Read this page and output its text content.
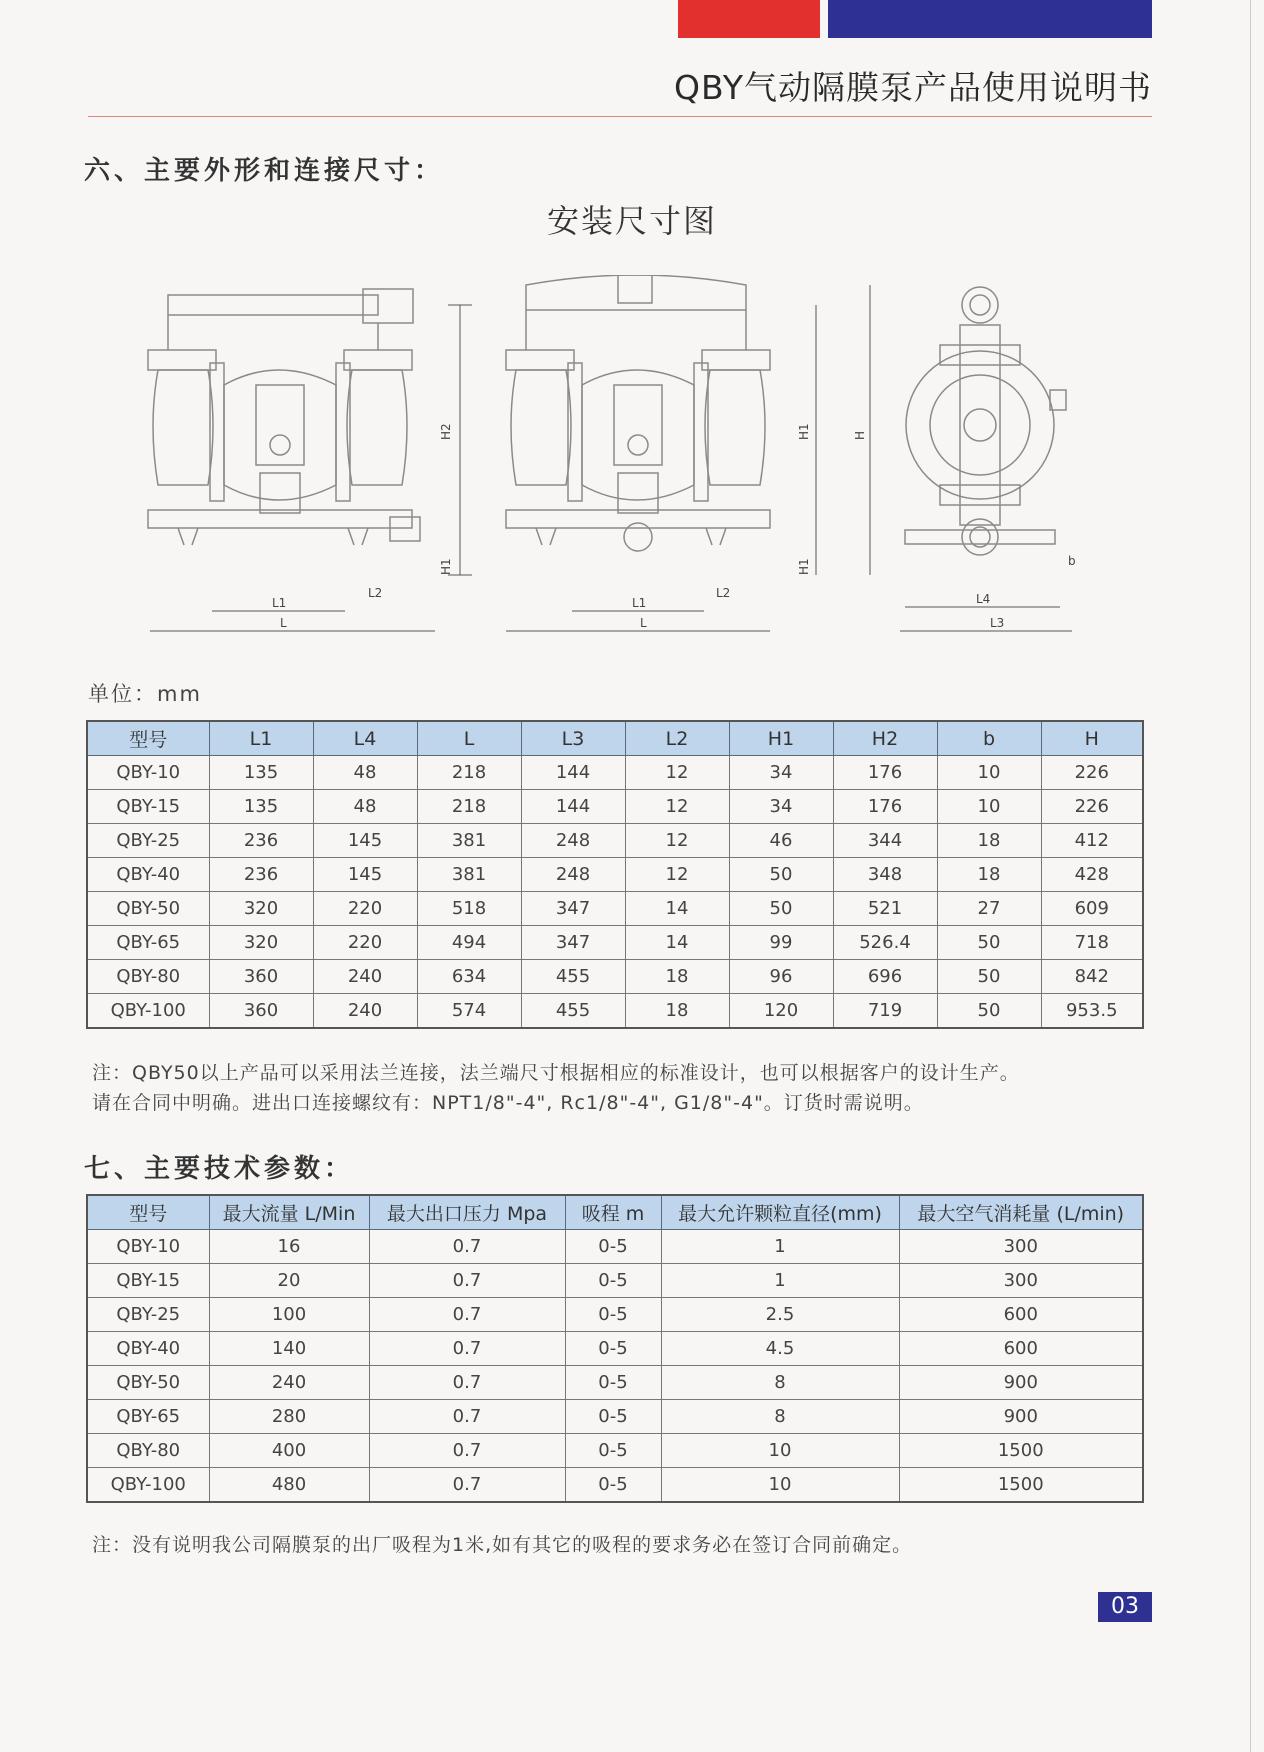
QBY气动隔膜泵产品使用说明书
六、主要外形和连接尺寸：
安装尺寸图
H2
H1
L1
L
L2
H1
H1
L1
L
L2
H
b
L4
L3
单位：mm
型号	L1	L4	L	L3	L2	H1	H2	b	H
QBY-10	135	48	218	144	12	34	176	10	226
QBY-15	135	48	218	144	12	34	176	10	226
QBY-25	236	145	381	248	12	46	344	18	412
QBY-40	236	145	381	248	12	50	348	18	428
QBY-50	320	220	518	347	14	50	521	27	609
QBY-65	320	220	494	347	14	99	526.4	50	718
QBY-80	360	240	634	455	18	96	696	50	842
QBY-100	360	240	574	455	18	120	719	50	953.5
注：QBY50以上产品可以采用法兰连接，法兰端尺寸根据相应的标准设计，也可以根据客户的设计生产。
请在合同中明确。进出口连接螺纹有：NPT1/8"-4", Rc1/8"-4", G1/8"-4"。订货时需说明。
七、主要技术参数：
型号	最大流量 L/Min	最大出口压力 Mpa	吸程 m	最大允许颗粒直径(mm)	最大空气消耗量 (L/min)
QBY-10	16	0.7	0-5	1	300
QBY-15	20	0.7	0-5	1	300
QBY-25	100	0.7	0-5	2.5	600
QBY-40	140	0.7	0-5	4.5	600
QBY-50	240	0.7	0-5	8	900
QBY-65	280	0.7	0-5	8	900
QBY-80	400	0.7	0-5	10	1500
QBY-100	480	0.7	0-5	10	1500
注：没有说明我公司隔膜泵的出厂吸程为1米,如有其它的吸程的要求务必在签订合同前确定。
03
